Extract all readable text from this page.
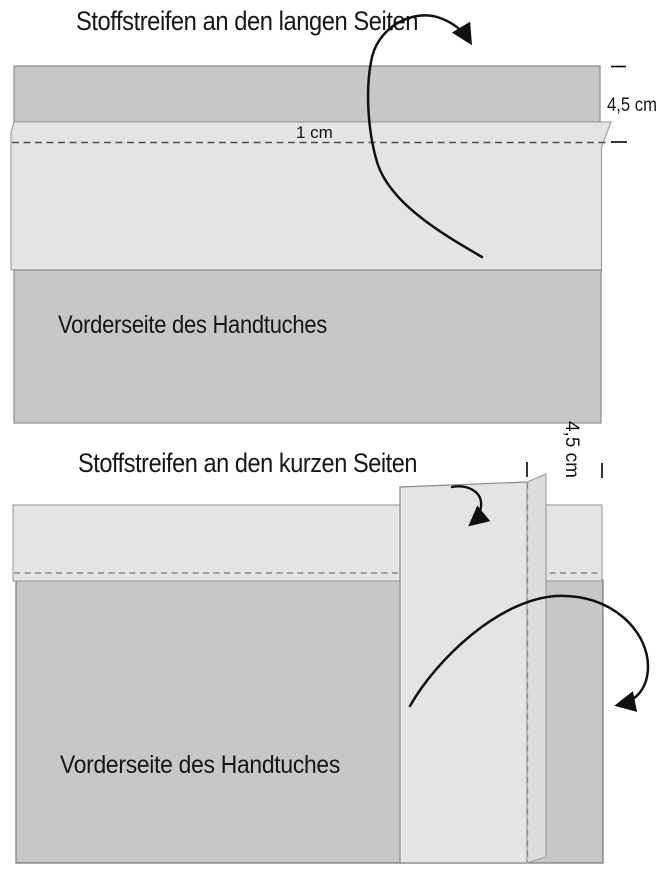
Stoffstreifen an den langen Seiten
1 cm
Vorderseite des Handtuches
4,5 cm
Stoffstreifen an den kurzen Seiten
Vorderseite des Handtuches
4,5 cm
